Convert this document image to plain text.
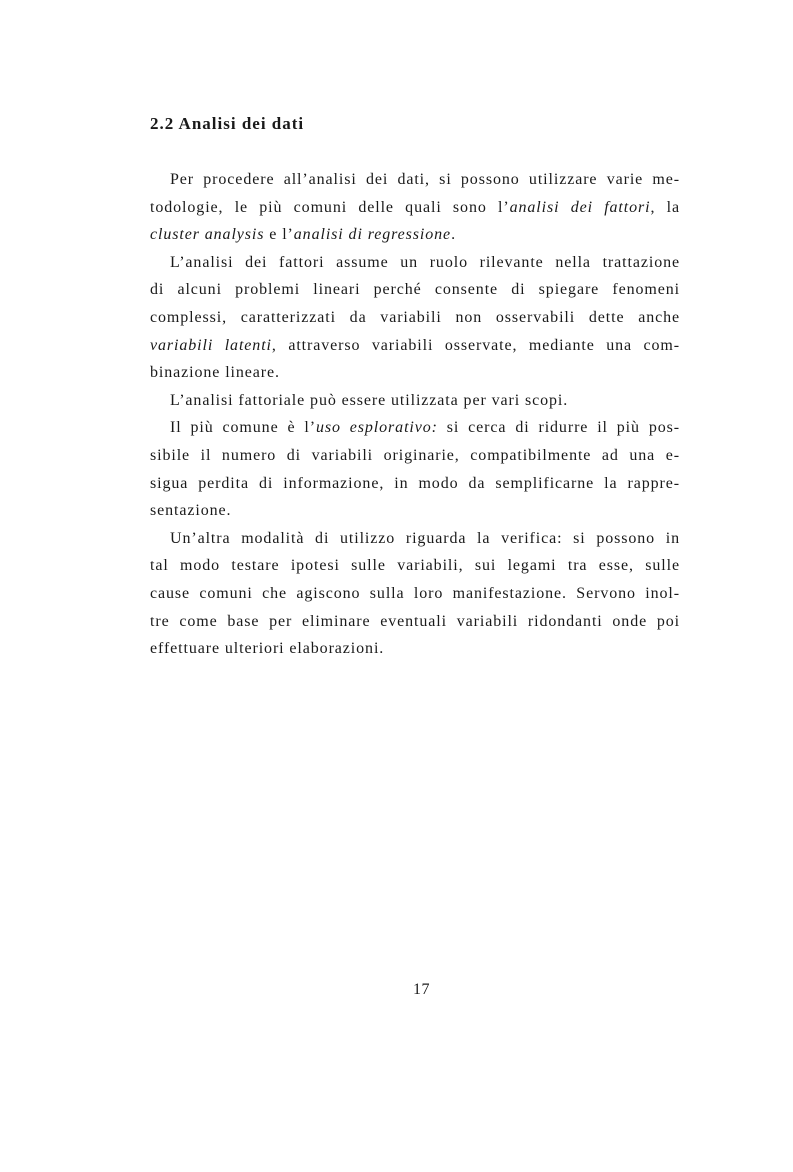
2.2 Analisi dei dati
Per procedere all’analisi dei dati, si possono utilizzare varie me-
todologie, le più comuni delle quali sono l’analisi dei fattori, la
cluster analysis e l’analisi di regressione.
L’analisi dei fattori assume un ruolo rilevante nella trattazione
di alcuni problemi lineari perché consente di spiegare fenomeni
complessi, caratterizzati da variabili non osservabili dette anche
variabili latenti, attraverso variabili osservate, mediante una com-
binazione lineare.
L’analisi fattoriale può essere utilizzata per vari scopi.
Il più comune è l’uso esplorativo: si cerca di ridurre il più pos-
sibile il numero di variabili originarie, compatibilmente ad una e-
sigua perdita di informazione, in modo da semplificarne la rappre-
sentazione.
Un’altra modalità di utilizzo riguarda la verifica: si possono in
tal modo testare ipotesi sulle variabili, sui legami tra esse, sulle
cause comuni che agiscono sulla loro manifestazione. Servono inol-
tre come base per eliminare eventuali variabili ridondanti onde poi
effettuare ulteriori elaborazioni.

17
